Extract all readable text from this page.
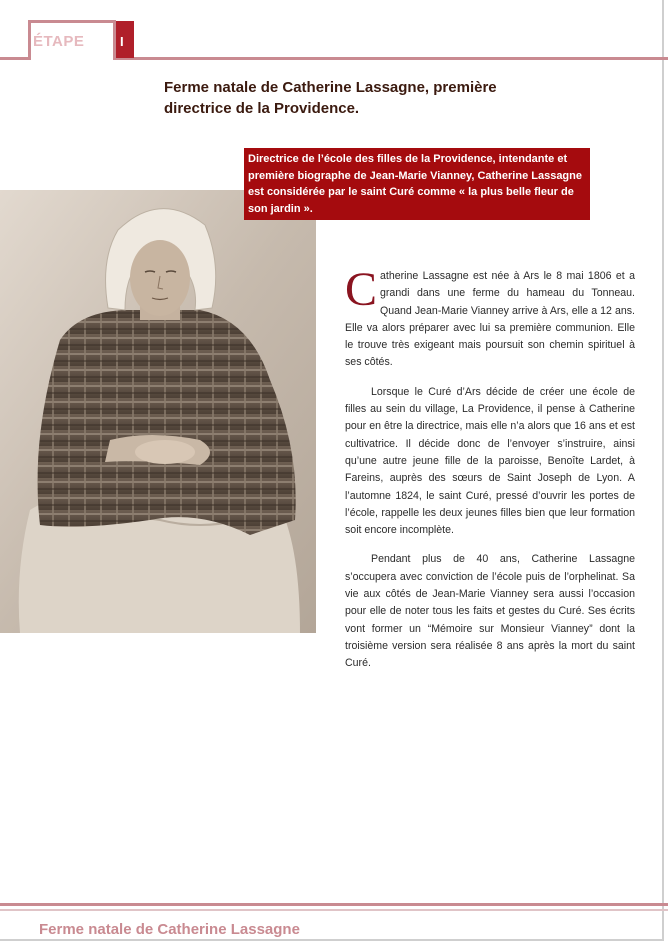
ÉTAPE	I
Ferme natale de Catherine Lassagne, première directrice de la Providence.

Directrice de l’école des filles de la Providence, intendante et première biographe de Jean-Marie Vianney, Catherine Lassagne est considérée par le saint Curé comme « la plus belle fleur de son jardin ».

Catherine Lassagne est née à Ars le 8 mai 1806 et a grandi dans une ferme du hameau du Tonneau. Quand Jean-Marie Vianney arrive à Ars, elle a 12 ans. Elle va alors préparer avec lui sa première communion. Elle le trouve très exigeant mais poursuit son chemin spirituel à ses côtés.

Lorsque le Curé d’Ars décide de créer une école de filles au sein du village, La Providence, il pense à Catherine pour en être la directrice, mais elle n’a alors que 16 ans et est cultivatrice. Il décide donc de l’envoyer s’instruire, ainsi qu’une autre jeune fille de la paroisse, Benoîte Lardet, à Fareins, auprès des sœurs de Saint Joseph de Lyon. A l’automne 1824, le saint Curé, pressé d’ouvrir les portes de l’école, rappelle les deux jeunes filles bien que leur formation soit encore incomplète.

Pendant plus de 40 ans, Catherine Lassagne s’occupera avec conviction de l’école puis de l’orphelinat. Sa vie aux côtés de Jean-Marie Vianney sera aussi l’occasion pour elle de noter tous les faits et gestes du Curé. Ses écrits vont former un “Mémoire sur Monsieur Vianney” dont la troisième version sera réalisée 8 ans après la mort du saint Curé.

Ferme natale de Catherine Lassagne
